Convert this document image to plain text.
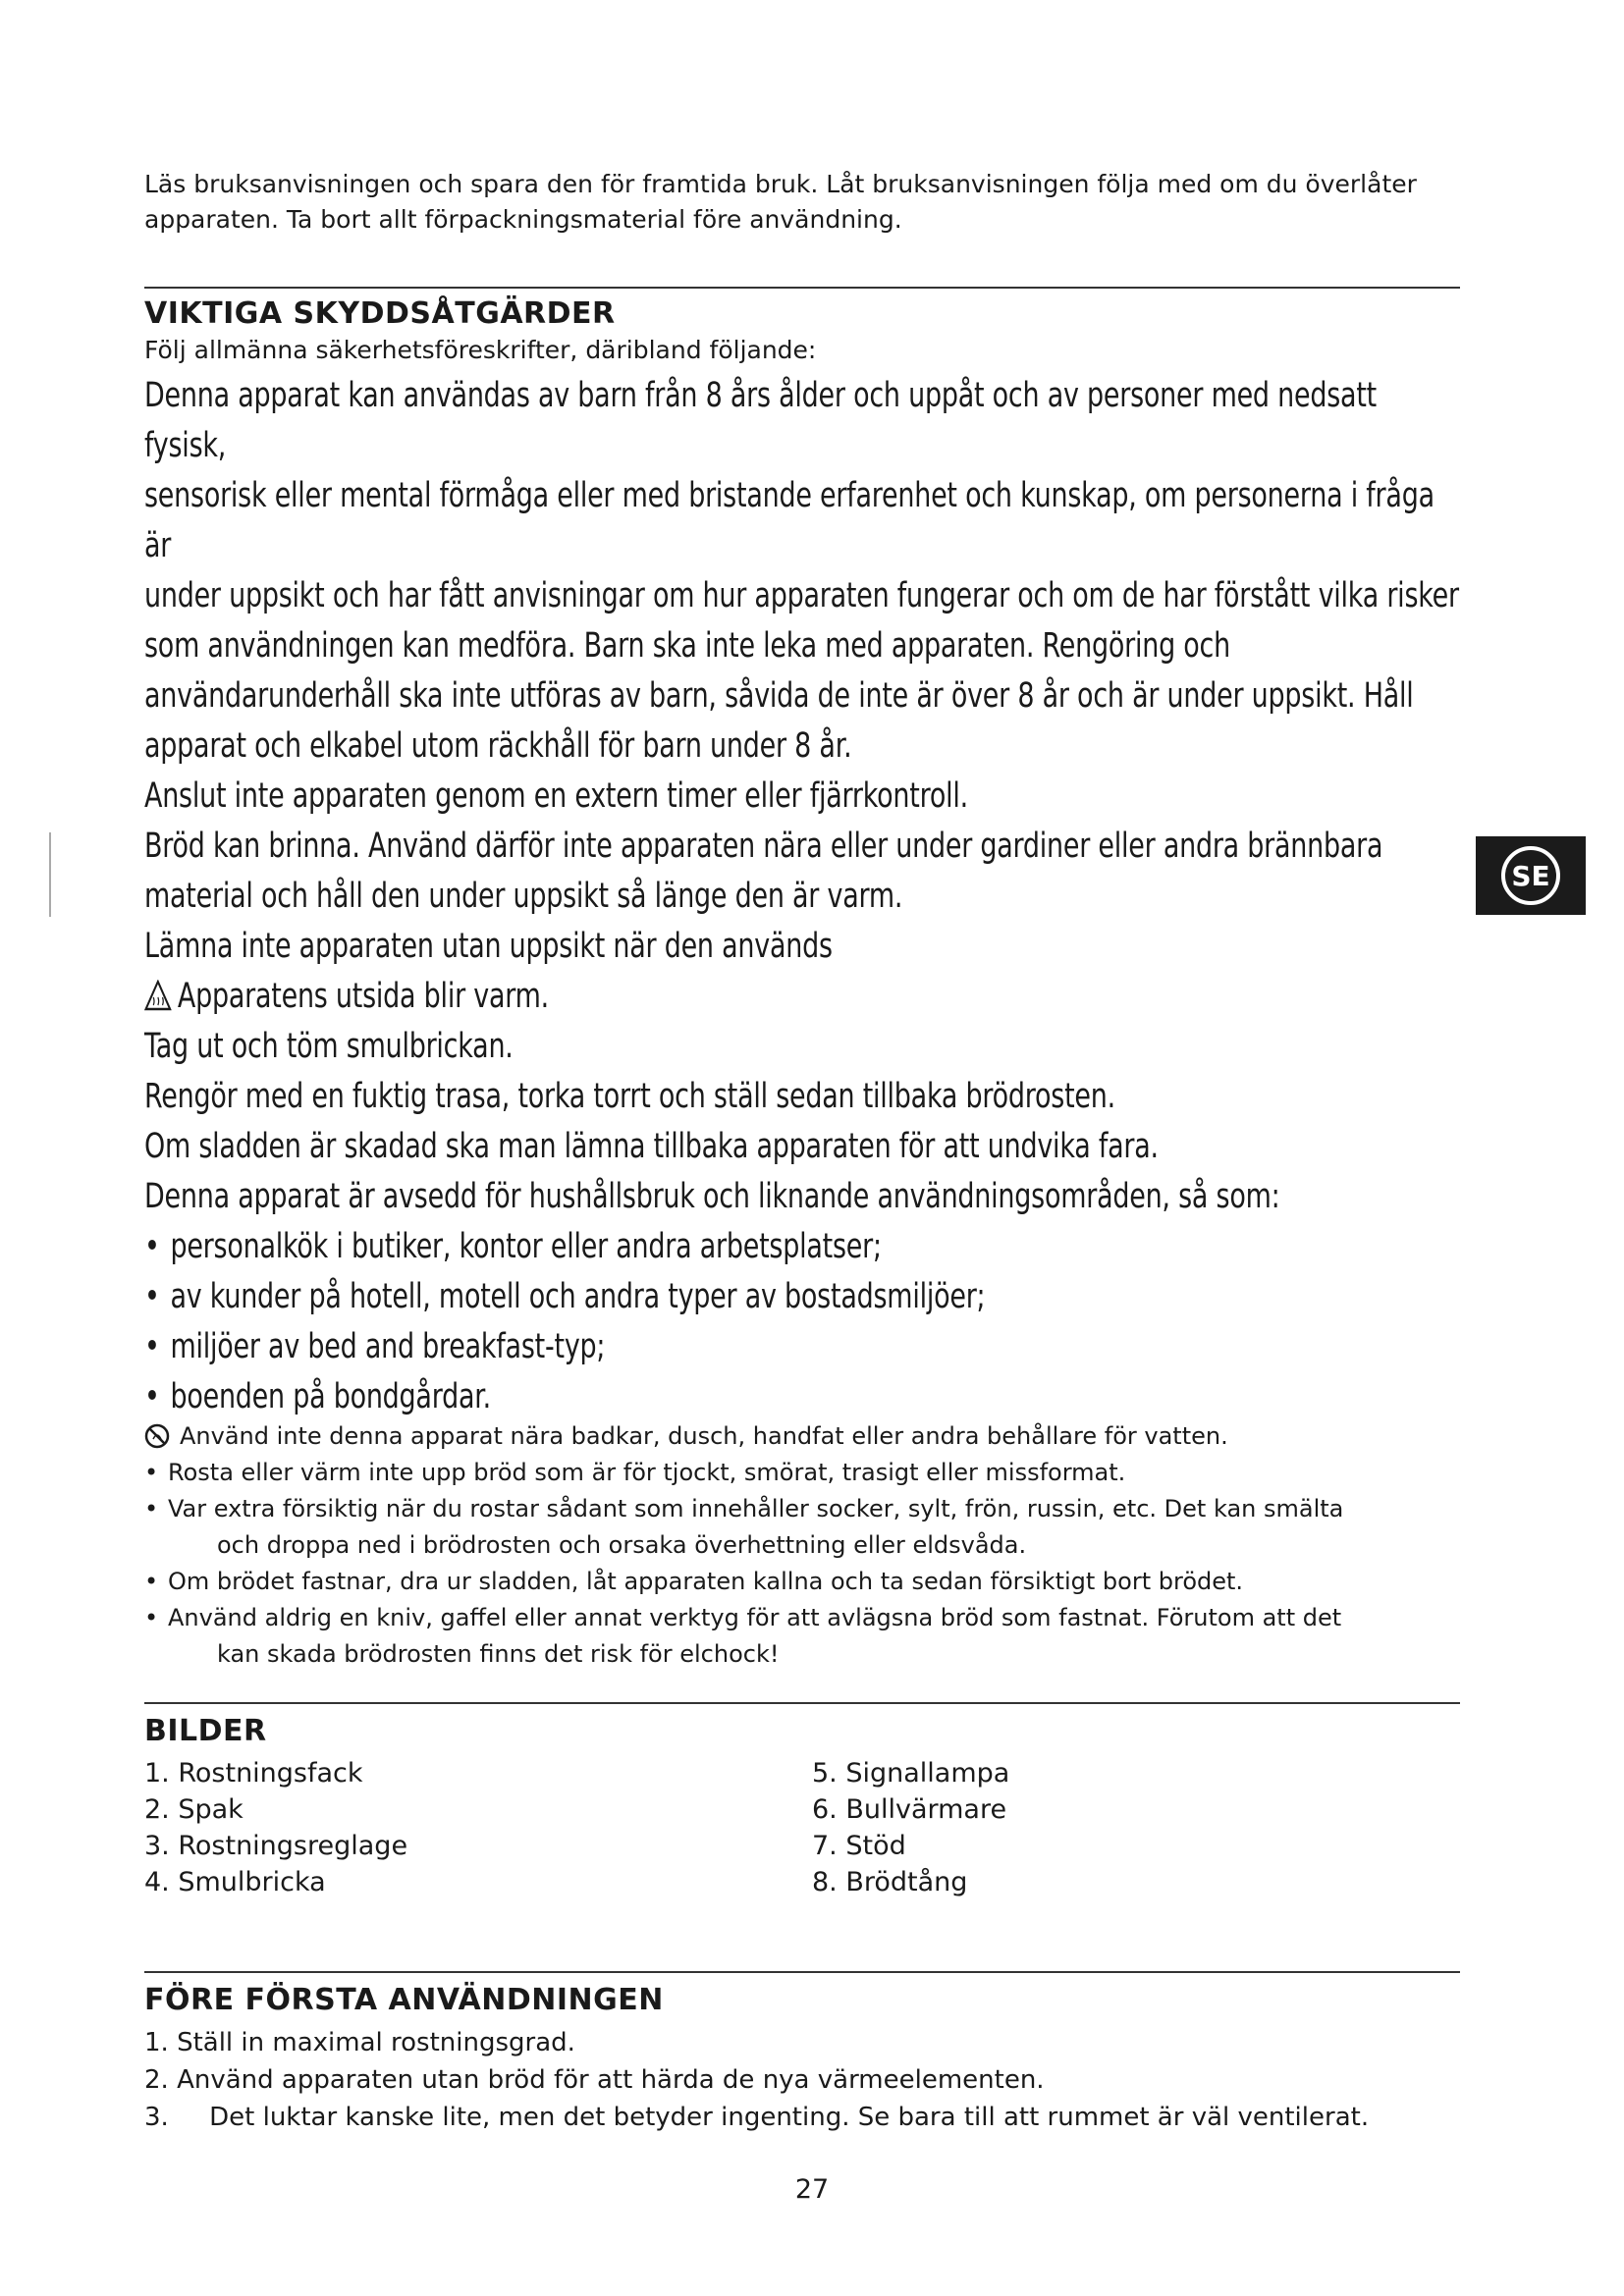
Läs bruksanvisningen och spara den för framtida bruk. Låt bruksanvisningen följa med om du överlåter

apparaten. Ta bort allt förpackningsmaterial före användning.

VIKTIGA SKYDDSÅTGÄRDER

Följ allmänna säkerhetsföreskrifter, däribland följande:

Denna apparat kan användas av barn från 8 års ålder och uppåt och av personer med nedsatt fysisk,

sensorisk eller mental förmåga eller med bristande erfarenhet och kunskap, om personerna i fråga är

under uppsikt och har fått anvisningar om hur apparaten fungerar och om de har förstått vilka risker

som användningen kan medföra. Barn ska inte leka med apparaten. Rengöring och

användarunderhåll ska inte utföras av barn, såvida de inte är över 8 år och är under uppsikt. Håll

apparat och elkabel utom räckhåll för barn under 8 år.

Anslut inte apparaten genom en extern timer eller fjärrkontroll.

Bröd kan brinna. Använd därför inte apparaten nära eller under gardiner eller andra brännbara

material och håll den under uppsikt så länge den är varm.

Lämna inte apparaten utan uppsikt när den används

Apparatens utsida blir varm.

Tag ut och töm smulbrickan.

Rengör med en fuktig trasa, torka torrt och ställ sedan tillbaka brödrosten.

Om sladden är skadad ska man lämna tillbaka apparaten för att undvika fara.

Denna apparat är avsedd för hushållsbruk och liknande användningsområden, så som:

• personalkök i butiker, kontor eller andra arbetsplatser;

• av kunder på hotell, motell och andra typer av bostadsmiljöer;

• miljöer av bed and breakfast-typ;

• boenden på bondgårdar.

Använd inte denna apparat nära badkar, dusch, handfat eller andra behållare för vatten.

• Rosta eller värm inte upp bröd som är för tjockt, smörat, trasigt eller missformat.

• Var extra försiktig när du rostar sådant som innehåller socker, sylt, frön, russin, etc. Det kan smälta

och droppa ned i brödrosten och orsaka överhettning eller eldsvåda.

• Om brödet fastnar, dra ur sladden, låt apparaten kallna och ta sedan försiktigt bort brödet.

• Använd aldrig en kniv, gaffel eller annat verktyg för att avlägsna bröd som fastnat. Förutom att det

kan skada brödrosten finns det risk för elchock!

BILDER
1. Rostningsfack
2. Spak
3. Rostningsreglage
4. Smulbricka
5. Signallampa
6. Bullvärmare
7. Stöd
8. Brödtång
FÖRE FÖRSTA ANVÄNDNINGEN

1. Ställ in maximal rostningsgrad.

2. Använd apparaten utan bröd för att härda de nya värmeelementen.

3.     Det luktar kanske lite, men det betyder ingenting. Se bara till att rummet är väl ventilerat.

SE
27
